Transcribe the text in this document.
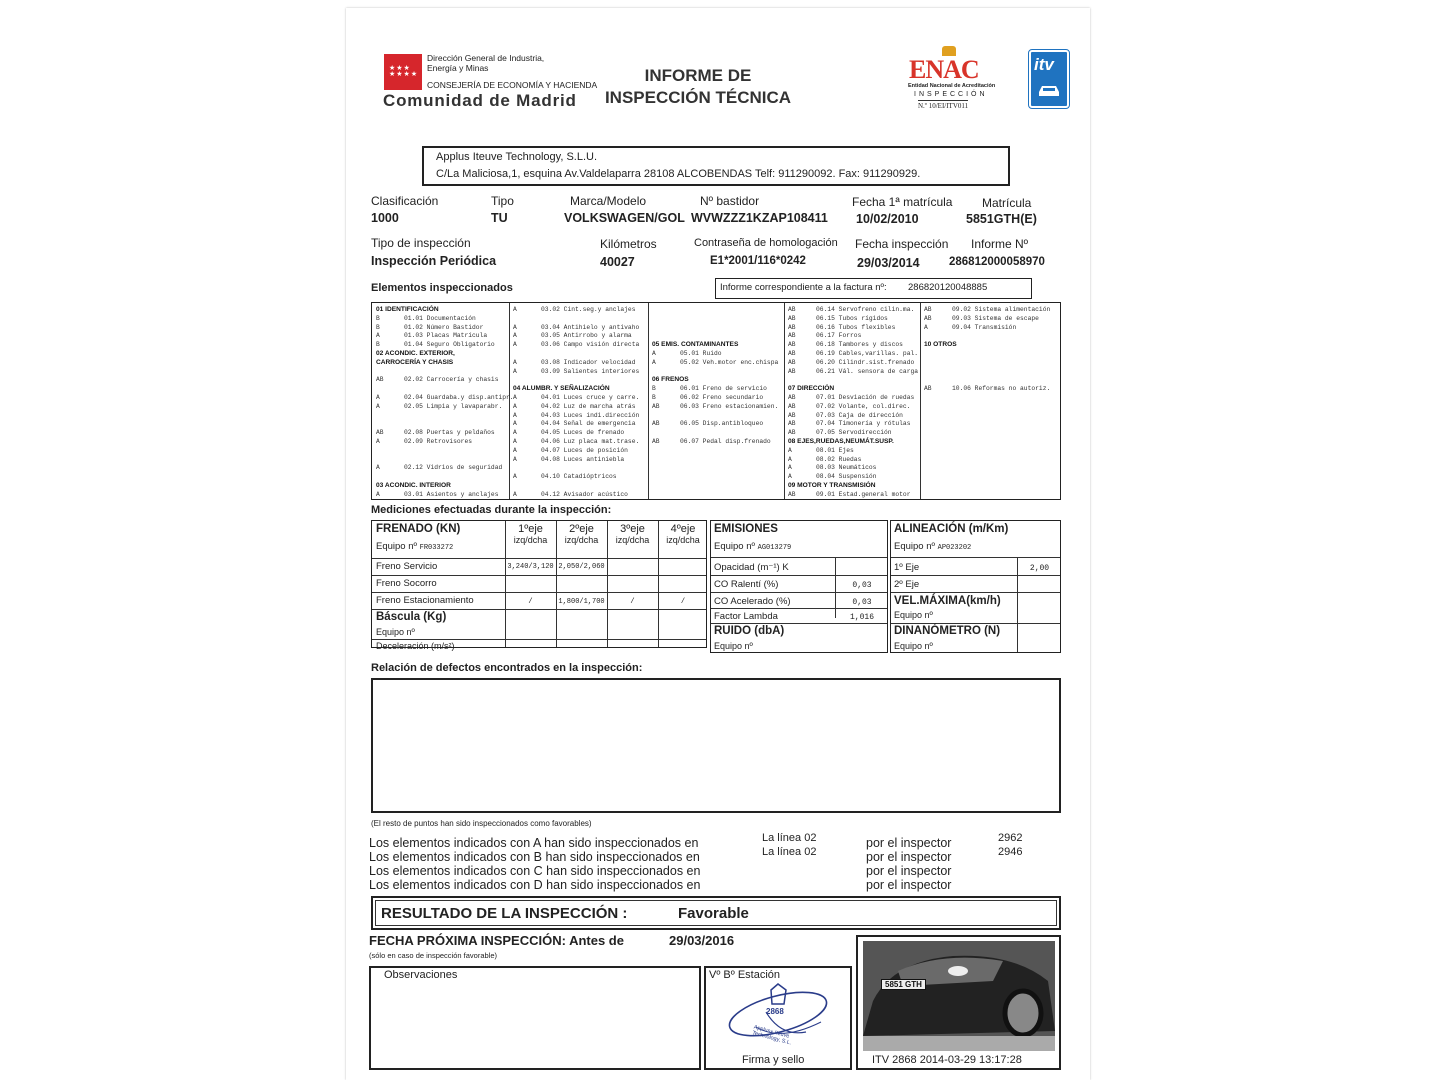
★★★
★★★★
Dirección General de Industria,
Energía y Minas
CONSEJERÍA DE ECONOMÍA Y HACIENDA
Comunidad de Madrid
INFORME DE
INSPECCIÓN TÉCNICA
ENAC
Entidad Nacional de Acreditación
INSPECCIÓN
N.º 10/EI/ITV011
itv
Applus Iteuve Technology, S.L.U.
C/La Maliciosa,1, esquina Av.Valdelaparra 28108 ALCOBENDAS Telf: 911290092. Fax: 911290929.
Clasificación
1000
Tipo
TU
Marca/Modelo
VOLKSWAGEN/GOL
Nº bastidor
WVWZZZ1KZAP108411
Fecha 1ª matrícula
10/02/2010
Matrícula
5851GTH(E)
Tipo de inspección
Inspección Periódica
Kilómetros
40027
Contraseña de homologación
E1*2001/116*0242
Fecha inspección
29/03/2014
Informe Nº
286812000058970
Elementos inspeccionados	Informe correspondiente a la factura nº: 286820120048885
01 IDENTIFICACIÓN
B	01.01 Documentación
B	01.02 Número Bastidor
A	01.03 Placas Matrícula
B	01.04 Seguro Obligatorio
02 ACONDIC. EXTERIOR,
CARROCERÍA Y CHASIS
AB	02.02 Carrocería y chasis
A	02.04 Guardaba.y disp.antipr.
A	02.05 Limpia y lavaparabr.
AB	02.08 Puertas y peldaños
A	02.09 Retrovisores
A	02.12 Vidrios de seguridad
03 ACONDIC. INTERIOR
A	03.01 Asientos y anclajes
A	03.02 Cint.seg.y anclajes
A	03.04 Antihielo y antivaho
A	03.05 Antirrobo y alarma
A	03.06 Campo visión directa
A	03.08 Indicador velocidad
A	03.09 Salientes interiores
04 ALUMBR. Y SEÑALIZACIÓN
A	04.01 Luces cruce y carre.
A	04.02 Luz de marcha atrás
A	04.03 Luces indi.dirección
A	04.04 Señal de emergencia
A	04.05 Luces de frenado
A	04.06 Luz placa mat.trase.
A	04.07 Luces de posición
A	04.08 Luces antiniebla
A	04.10 Catadióptricos
A	04.12 Avisador acústico
05 EMIS. CONTAMINANTES
A	05.01 Ruido
A	05.02 Veh.motor enc.chispa
06 FRENOS
B	06.01 Freno de servicio
B	06.02 Freno secundario
AB	06.03 Freno estacionamien.
AB	06.05 Disp.antibloqueo
AB	06.07 Pedal disp.frenado
AB	06.14 Servofreno cilin.ma.
AB	06.15 Tubos rígidos
AB	06.16 Tubos flexibles
AB	06.17 Forros
AB	06.18 Tambores y discos
AB	06.19 Cables,varillas. pal.
AB	06.20 Cilindr.sist.frenado
AB	06.21 Vál. sensora de carga
07 DIRECCIÓN
AB	07.01 Desviación de ruedas
AB	07.02 Volante, col.direc.
AB	07.03 Caja de dirección
AB	07.04 Timonería y rótulas
AB	07.05 Servodirección
08 EJES,RUEDAS,NEUMÁT.SUSP.
A	08.01 Ejes
A	08.02 Ruedas
A	08.03 Neumáticos
A	08.04 Suspensión
09 MOTOR Y TRANSMISIÓN
AB	09.01 Estad.general motor
AB	09.02 Sistema alimentación
AB	09.03 Sistema de escape
A	09.04 Transmisión
10 OTROS
AB	10.06 Reformas no autoriz.
Mediciones efectuadas durante la inspección:
FRENADO (KN)
Equipo nº FR033272
1ºeje
izq/dcha
2ºeje
izq/dcha
3ºeje
izq/dcha
4ºeje
izq/dcha
Freno Servicio	3,240/3,120 2,050/2,060
Freno Socorro
Freno Estacionamiento	/	1,800/1,700	/	/
Báscula (Kg)
Equipo nº
Deceleración (m/s²)
EMISIONES
Equipo nº AG013279
Opacidad (m⁻¹) K
CO Ralentí (%)	0,03
CO Acelerado (%)	0,03
Factor Lambda	1,016
RUIDO (dbA)
Equipo nº
ALINEACIÓN (m/Km)
Equipo nº AP023202
1º Eje	2,00
2º Eje
VEL.MÁXIMA(km/h)
Equipo nº
DINANÓMETRO (N)
Equipo nº
Relación de defectos encontrados en la inspección:
(El resto de puntos han sido inspeccionados como favorables)
RESULTADO DE LA INSPECCIÓN :	Favorable
FECHA PRÓXIMA INSPECCIÓN: Antes de	29/03/2016
(sólo en caso de inspección favorable)
Observaciones	Vº Bº Estación
2868
Applus+ Iteuve Technology, S.L.
Firma y sello
5851 GTH
ITV 2868 2014-03-29 13:17:28
Los elementos indicados con A han sido inspeccionados en	La línea 02	por el inspector	2962
Los elementos indicados con B han sido inspeccionados en	La línea 02	por el inspector	2946
Los elementos indicados con C han sido inspeccionados en	por el inspector
Los elementos indicados con D han sido inspeccionados en	por el inspector
